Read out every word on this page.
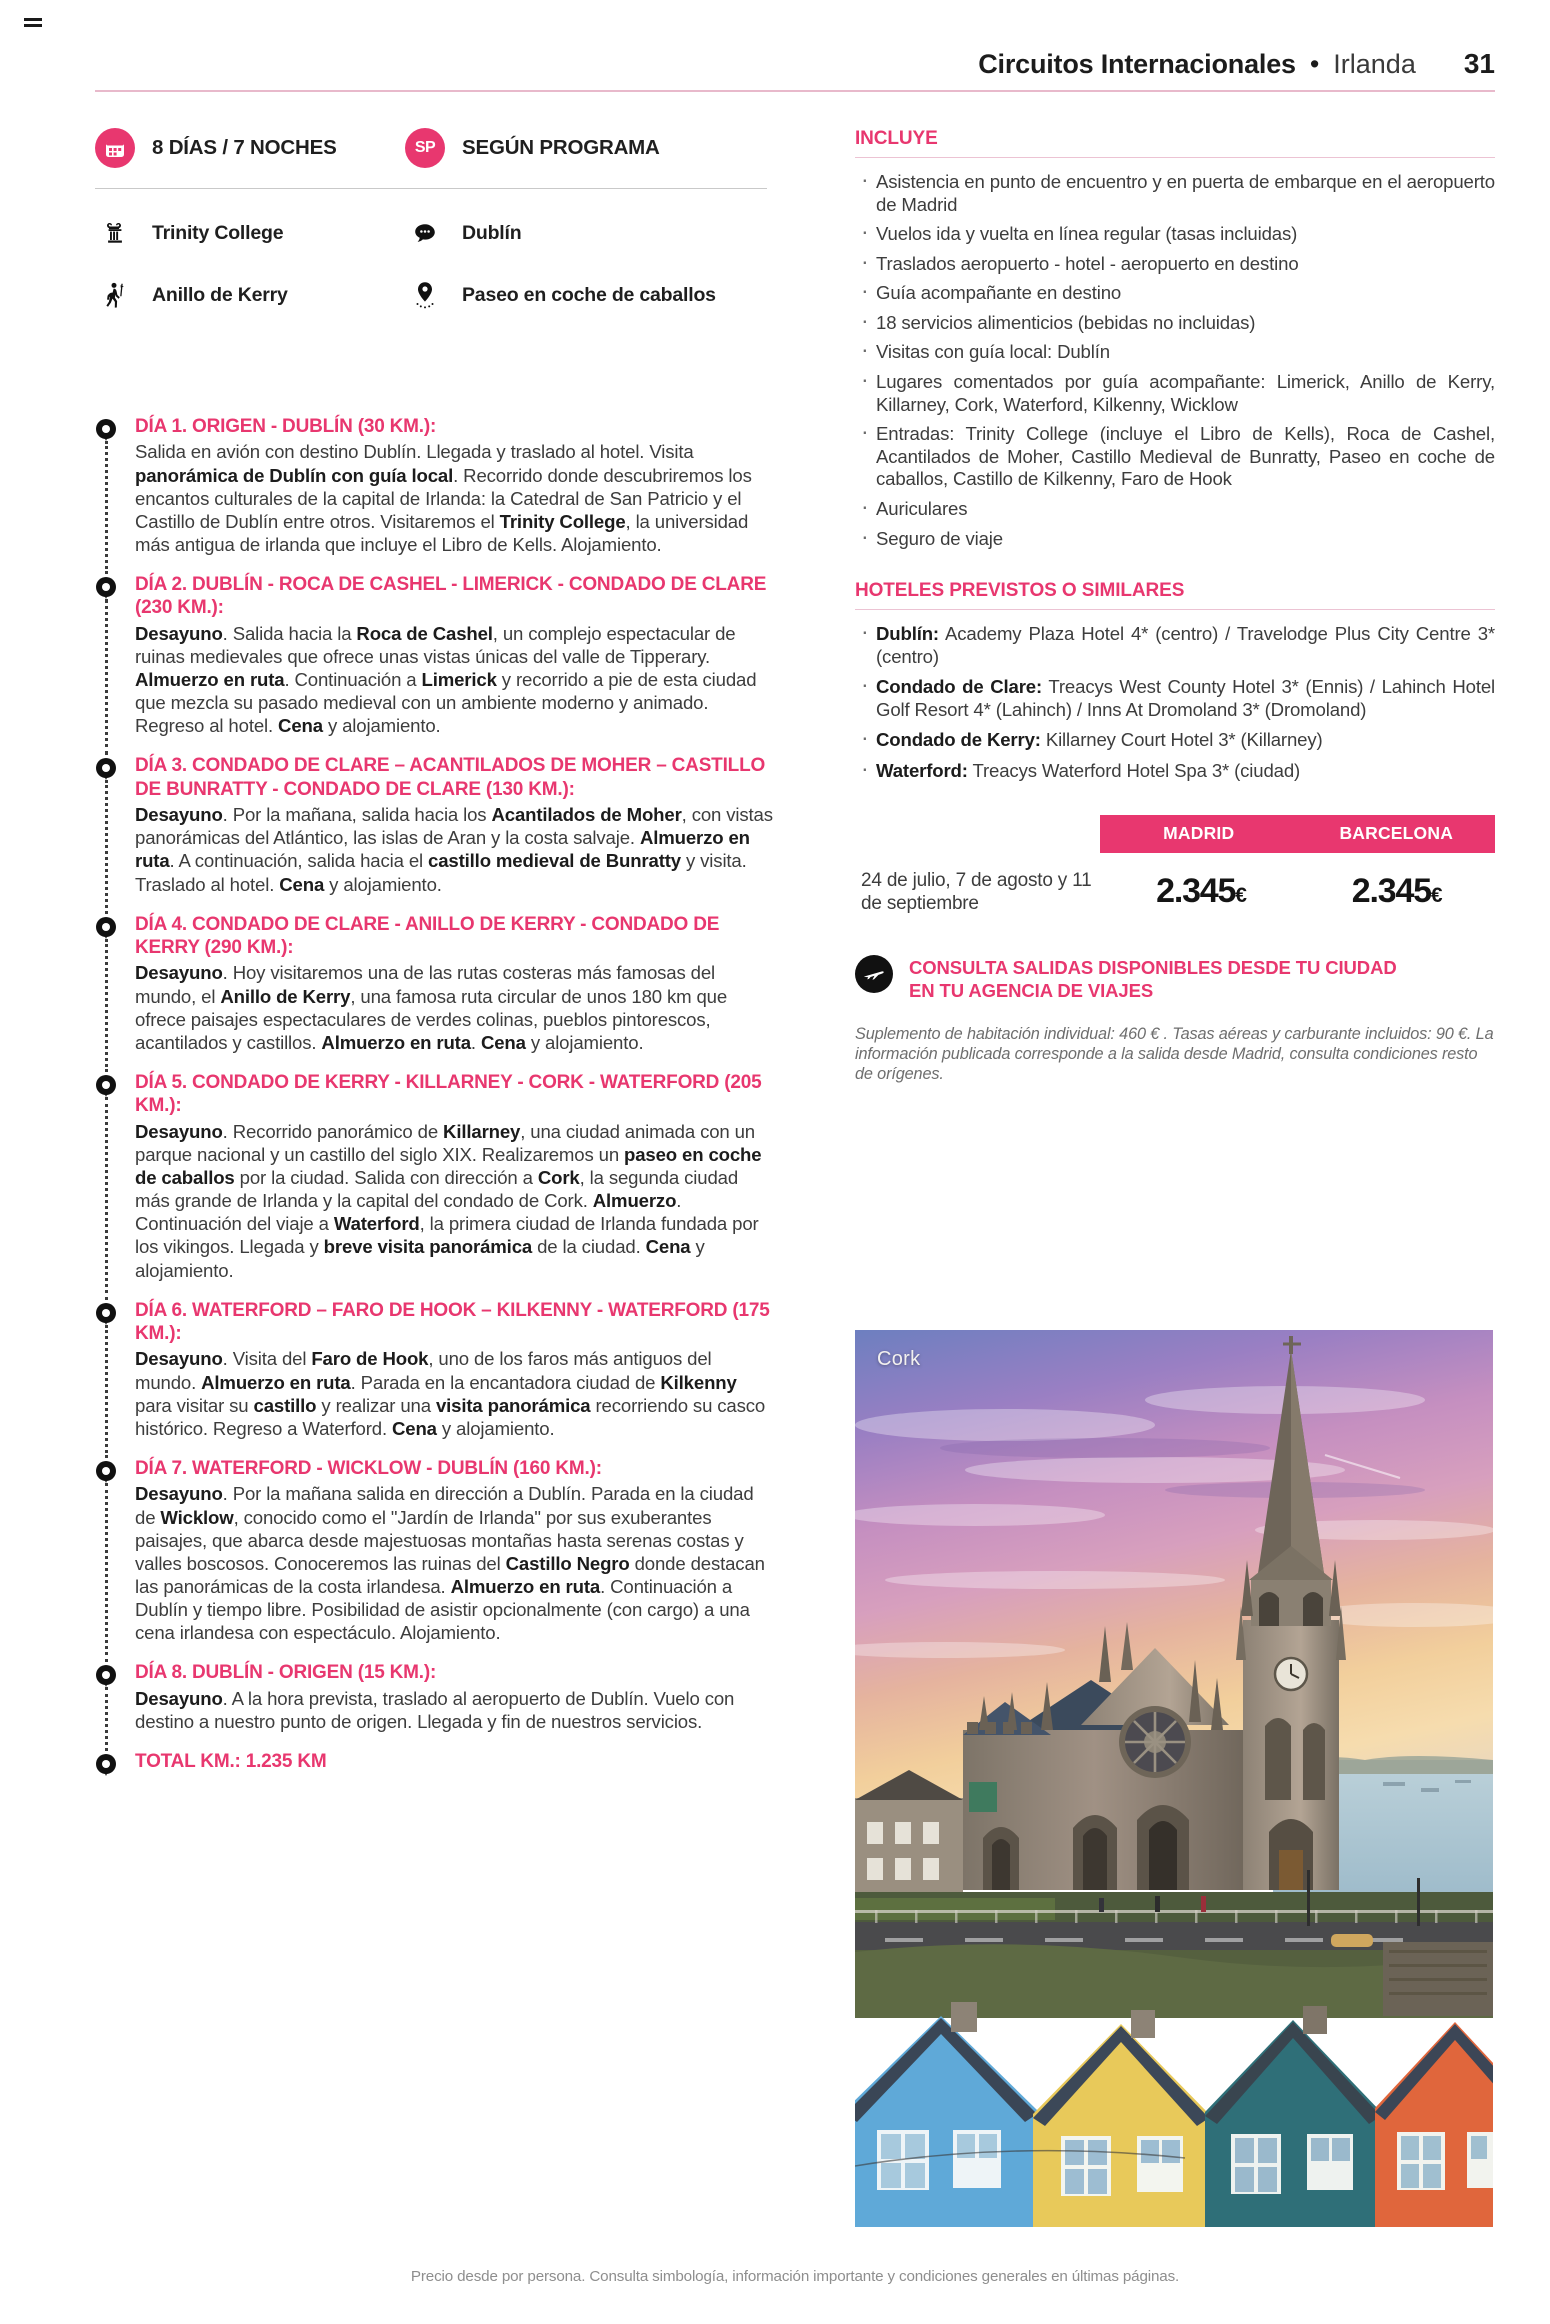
Circuitos Internacionales • Irlanda 31
8 DÍAS / 7 NOCHES	SP	SEGÚN PROGRAMA
Trinity College	Dublín
Anillo de Kerry	Paseo en coche de caballos
DÍA 1. ORIGEN - DUBLÍN (30 KM.):
Salida en avión con destino Dublín. Llegada y traslado al hotel. Visita panorámica de Dublín con guía local. Recorrido donde descubriremos los encantos culturales de la capital de Irlanda: la Catedral de San Patricio y el Castillo de Dublín entre otros. Visitaremos el Trinity College, la universidad más antigua de irlanda que incluye el Libro de Kells. Alojamiento.
DÍA 2. DUBLÍN - ROCA DE CASHEL - LIMERICK - CONDADO DE CLARE (230 KM.):
Desayuno. Salida hacia la Roca de Cashel, un complejo espectacular de ruinas medievales que ofrece unas vistas únicas del valle de Tipperary. Almuerzo en ruta. Continuación a Limerick y recorrido a pie de esta ciudad que mezcla su pasado medieval con un ambiente moderno y animado. Regreso al hotel. Cena y alojamiento.
DÍA 3. CONDADO DE CLARE – ACANTILADOS DE MOHER – CASTILLO DE BUNRATTY - CONDADO DE CLARE (130 KM.):
Desayuno. Por la mañana, salida hacia los Acantilados de Moher, con vistas panorámicas del Atlántico, las islas de Aran y la costa salvaje. Almuerzo en ruta. A continuación, salida hacia el castillo medieval de Bunratty y visita. Traslado al hotel. Cena y alojamiento.
DÍA 4. CONDADO DE CLARE - ANILLO DE KERRY - CONDADO DE KERRY (290 KM.):
Desayuno. Hoy visitaremos una de las rutas costeras más famosas del mundo, el Anillo de Kerry, una famosa ruta circular de unos 180 km que ofrece paisajes espectaculares de verdes colinas, pueblos pintorescos, acantilados y castillos. Almuerzo en ruta. Cena y alojamiento.
DÍA 5. CONDADO DE KERRY - KILLARNEY - CORK - WATERFORD (205 KM.):
Desayuno. Recorrido panorámico de Killarney, una ciudad animada con un parque nacional y un castillo del siglo XIX. Realizaremos un paseo en coche de caballos por la ciudad. Salida con dirección a Cork, la segunda ciudad más grande de Irlanda y la capital del condado de Cork. Almuerzo. Continuación del viaje a Waterford, la primera ciudad de Irlanda fundada por los vikingos. Llegada y breve visita panorámica de la ciudad. Cena y alojamiento.
DÍA 6. WATERFORD – FARO DE HOOK – KILKENNY - WATERFORD (175 KM.):
Desayuno. Visita del Faro de Hook, uno de los faros más antiguos del mundo. Almuerzo en ruta. Parada en la encantadora ciudad de Kilkenny para visitar su castillo y realizar una visita panorámica recorriendo su casco histórico. Regreso a Waterford. Cena y alojamiento.
DÍA 7. WATERFORD - WICKLOW - DUBLÍN (160 KM.):
Desayuno. Por la mañana salida en dirección a Dublín. Parada en la ciudad de Wicklow, conocido como el "Jardín de Irlanda" por sus exuberantes paisajes, que abarca desde majestuosas montañas hasta serenas costas y valles boscosos. Conoceremos las ruinas del Castillo Negro donde destacan las panorámicas de la costa irlandesa. Almuerzo en ruta. Continuación a Dublín y tiempo libre. Posibilidad de asistir opcionalmente (con cargo) a una cena irlandesa con espectáculo. Alojamiento.
DÍA 8. DUBLÍN - ORIGEN (15 KM.):
Desayuno. A la hora prevista, traslado al aeropuerto de Dublín. Vuelo con destino a nuestro punto de origen. Llegada y fin de nuestros servicios.
TOTAL KM.: 1.235 KM
INCLUYE
· Asistencia en punto de encuentro y en puerta de embarque en el aeropuerto de Madrid
· Vuelos ida y vuelta en línea regular (tasas incluidas)
· Traslados aeropuerto - hotel - aeropuerto en destino
· Guía acompañante en destino
· 18 servicios alimenticios (bebidas no incluidas)
· Visitas con guía local: Dublín
· Lugares comentados por guía acompañante: Limerick, Anillo de Kerry, Killarney, Cork, Waterford, Kilkenny, Wicklow
· Entradas: Trinity College (incluye el Libro de Kells), Roca de Cashel, Acantilados de Moher, Castillo Medieval de Bunratty, Paseo en coche de caballos, Castillo de Kilkenny, Faro de Hook
· Auriculares
· Seguro de viaje
HOTELES PREVISTOS O SIMILARES
· Dublín: Academy Plaza Hotel 4* (centro) / Travelodge Plus City Centre 3* (centro)
· Condado de Clare: Treacys West County Hotel 3* (Ennis) / Lahinch Hotel Golf Resort 4* (Lahinch) / Inns At Dromoland 3* (Dromoland)
· Condado de Kerry: Killarney Court Hotel 3* (Killarney)
· Waterford: Treacys Waterford Hotel Spa 3* (ciudad)
MADRID	BARCELONA
24 de julio, 7 de agosto y 11 de septiembre	2.345€	2.345€
CONSULTA SALIDAS DISPONIBLES DESDE TU CIUDAD
EN TU AGENCIA DE VIAJES
Suplemento de habitación individual: 460 € . Tasas aéreas y carburante incluidos: 90 €. La información publicada corresponde a la salida desde Madrid, consulta condiciones resto de orígenes.
Cork
Precio desde por persona. Consulta simbología, información importante y condiciones generales en últimas páginas.
